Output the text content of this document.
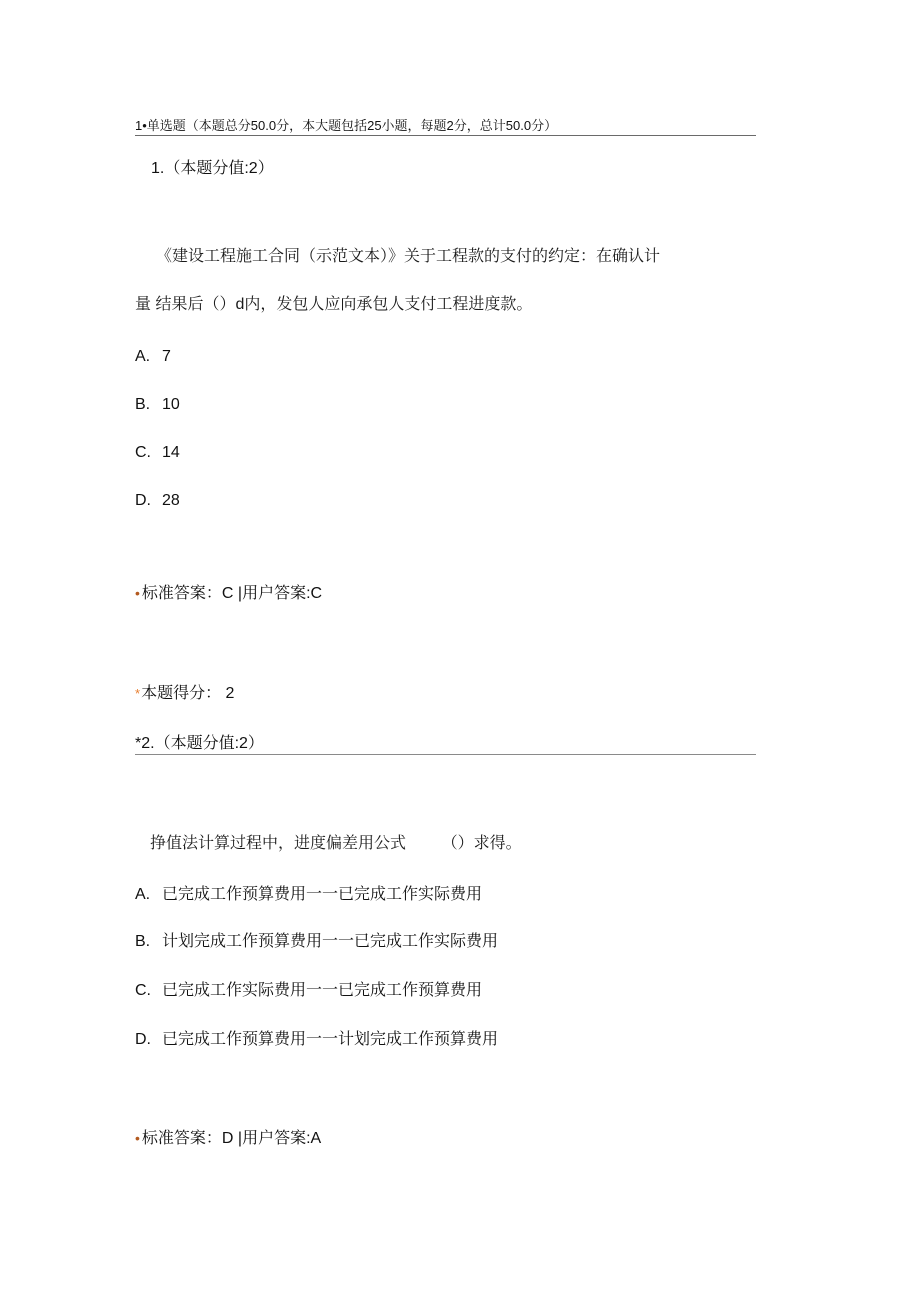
1•单选题（本题总分50.0分，本大题包括25小题，每题2分，总计50.0分）
1.（本题分值:2）
《建设工程施工合同（示范文本）》关于工程款的支付的约定：在确认计
量 结果后（）d内，发包人应向承包人支付工程进度款。
A. 7
B. 10
C. 14
D. 28
• 标准答案：C |用户答案:C
*本题得分： 2
*2.（本题分值:2）
挣值法计算过程中，进度偏差用公式        （）求得。
A. 已完成工作预算费用一一已完成工作实际费用
B. 计划完成工作预算费用一一已完成工作实际费用
C. 已完成工作实际费用一一已完成工作预算费用
D. 已完成工作预算费用一一计划完成工作预算费用
• 标准答案：D |用户答案:A
